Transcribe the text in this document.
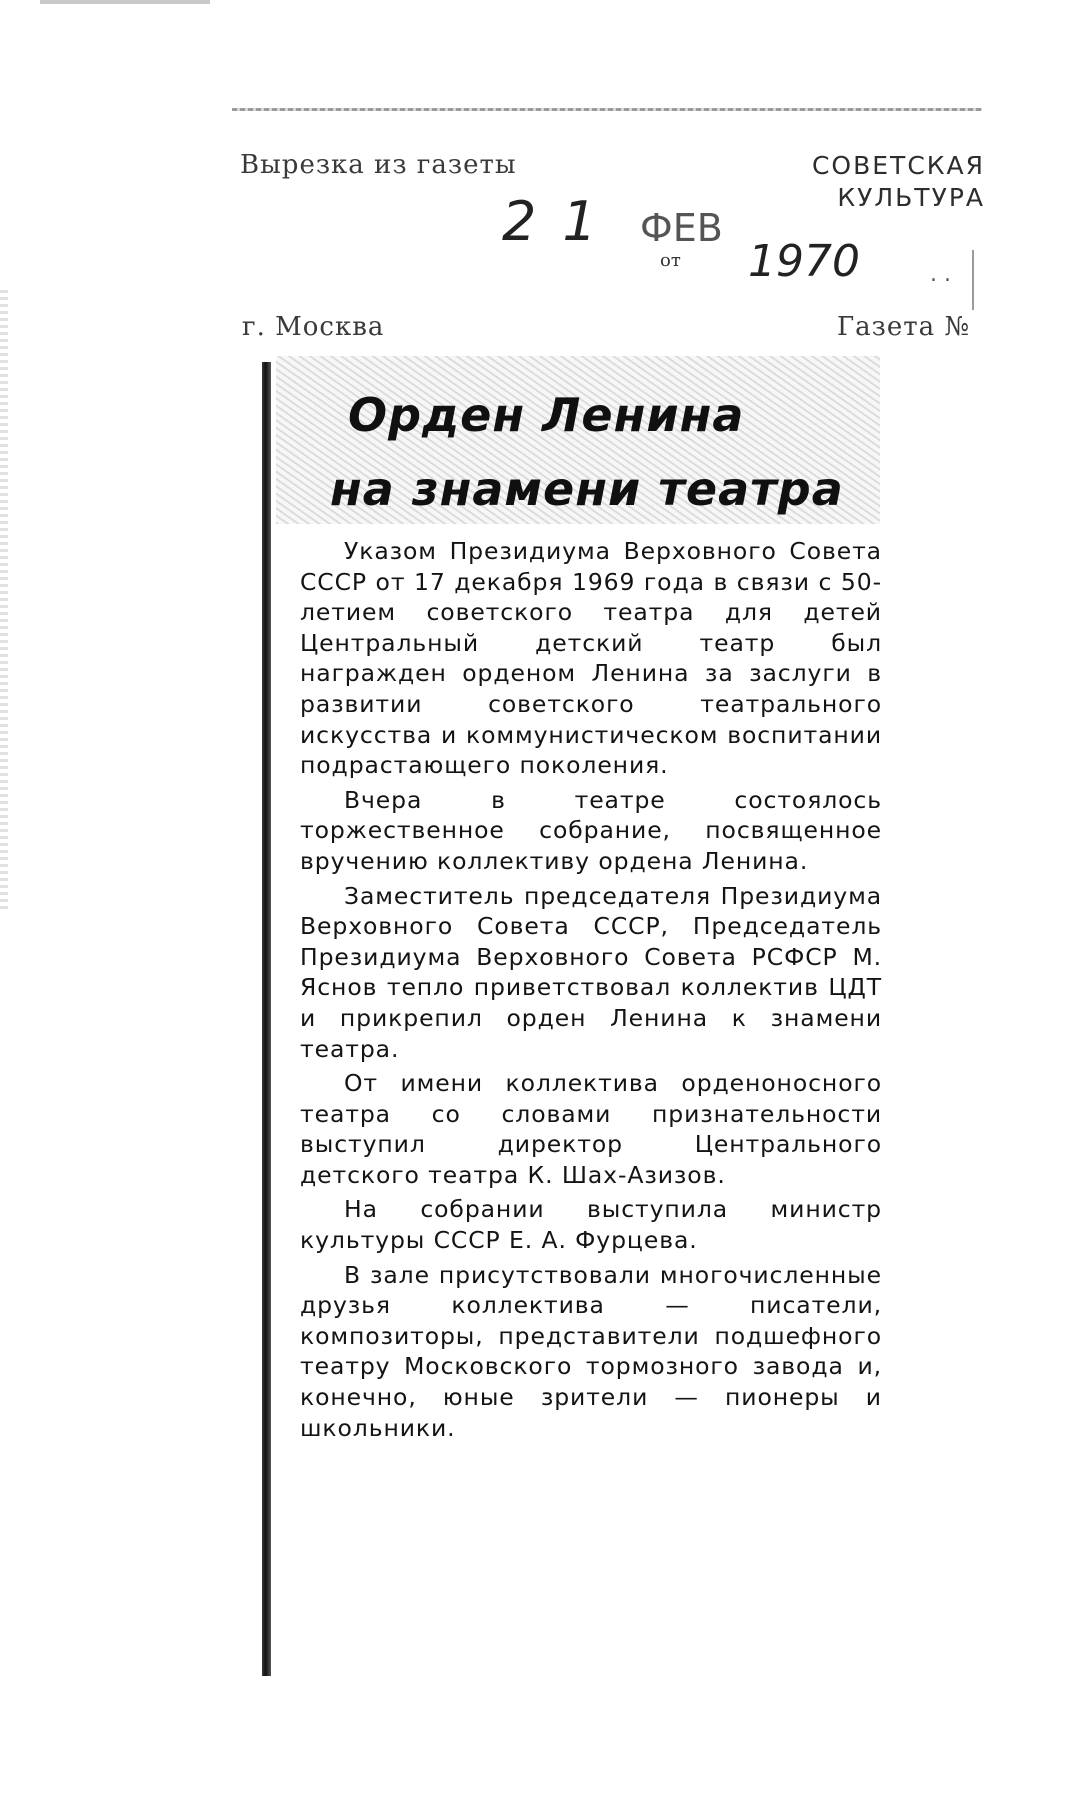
Вырезка из газеты	СОВЕТСКАЯ
КУЛЬТУРА
21 ФЕВ
от 1970	. .
г. Москва	Газета №
Орден Ленина
на знамени театра

Указом Президиума Верховного Совета СССР от 17 декабря 1969 года в связи с 50-летием советского театра для детей Центральный детский театр был награжден орденом Ленина за заслуги в развитии советского театрального искусства и коммунистическом воспитании подрастающего поколения.

Вчера в театре состоялось торжественное собрание, посвященное вручению коллективу ордена Ленина.

Заместитель председателя Президиума Верховного Совета СССР, Председатель Президиума Верховного Совета РСФСР М. Яснов тепло приветствовал коллектив ЦДТ и прикрепил орден Ленина к знамени театра.

От имени коллектива орденоносного театра со словами признательности выступил директор Центрального детского театра К. Шах-Азизов.

На собрании выступила министр культуры СССР Е. А. Фурцева.

В зале присутствовали многочисленные друзья коллектива — писатели, композиторы, представители подшефного театру Московского тормозного завода и, конечно, юные зрители — пионеры и школьники.
